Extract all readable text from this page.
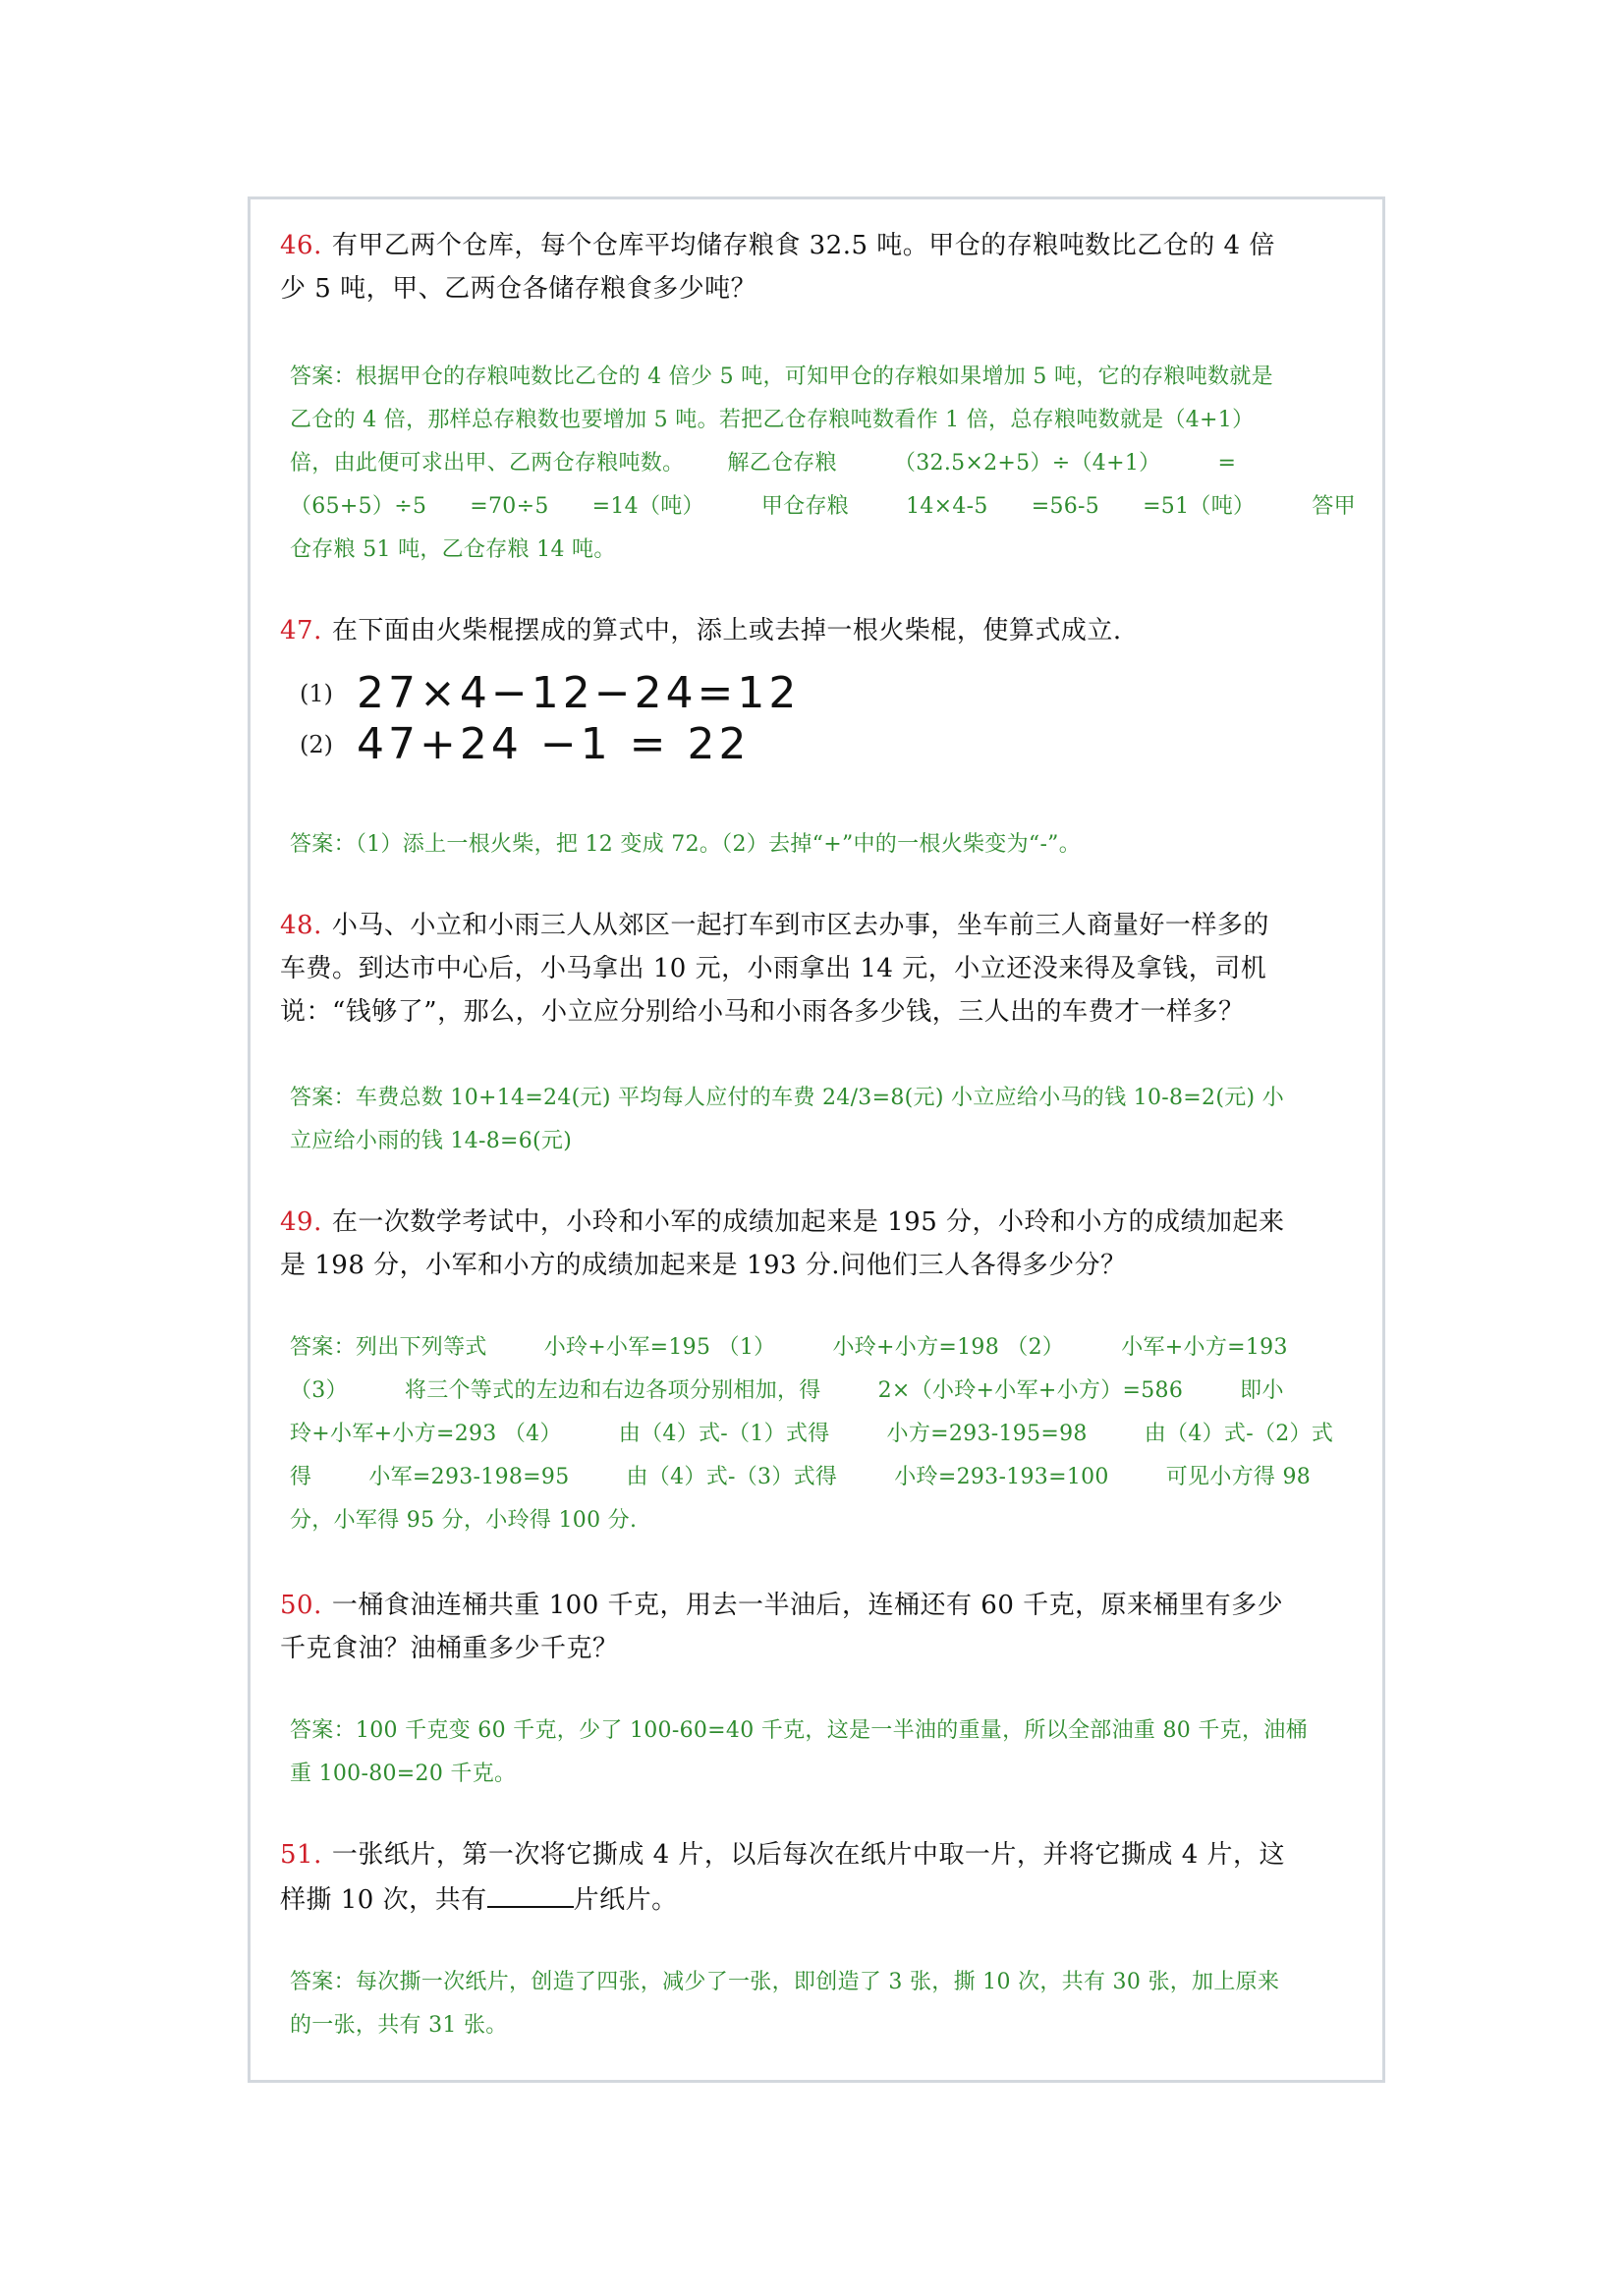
46. 有甲乙两个仓库，每个仓库平均储存粮食 32.5 吨。甲仓的存粮吨数比乙仓的 4 倍
少 5 吨，甲、乙两仓各储存粮食多少吨？
答案：根据甲仓的存粮吨数比乙仓的 4 倍少 5 吨，可知甲仓的存粮如果增加 5 吨，它的存粮吨数就是
乙仓的 4 倍，那样总存粮数也要增加 5 吨。若把乙仓存粮吨数看作 1 倍，总存粮吨数就是（4+1）
倍，由此便可求出甲、乙两仓存粮吨数。 解乙仓存粮	（32.5×2+5）÷（4+1）	=
（65+5）÷5 =70÷5 =14（吨）	甲仓存粮	14×4-5 =56-5 =51（吨）	答甲
仓存粮 51 吨，乙仓存粮 14 吨。
47. 在下面由火柴棍摆成的算式中，添上或去掉一根火柴棍，使算式成立.
(1) 27×4−12−24=12
(2) 47+24 −1 = 22
答案：（1）添上一根火柴，把 12 变成 72。（2）去掉“+”中的一根火柴变为“-”。
48. 小马、小立和小雨三人从郊区一起打车到市区去办事，坐车前三人商量好一样多的
车费。到达市中心后，小马拿出 10 元，小雨拿出 14 元，小立还没来得及拿钱，司机
说：“钱够了”，那么，小立应分别给小马和小雨各多少钱，三人出的车费才一样多？
答案：车费总数 10+14=24(元) 平均每人应付的车费 24/3=8(元) 小立应给小马的钱 10-8=2(元) 小
立应给小雨的钱 14-8=6(元)
49. 在一次数学考试中，小玲和小军的成绩加起来是 195 分，小玲和小方的成绩加起来
是 198 分，小军和小方的成绩加起来是 193 分.问他们三人各得多少分？
答案：列出下列等式	小玲+小军=195 （1）	小玲+小方=198 （2）	小军+小方=193
（3）	将三个等式的左边和右边各项分别相加，得	2×（小玲+小军+小方）=586	即小
玲+小军+小方=293 （4）	由（4）式-（1）式得	小方=293-195=98	由（4）式-（2）式
得	小军=293-198=95	由（4）式-（3）式得	小玲=293-193=100	可见小方得 98
分，小军得 95 分，小玲得 100 分.
50. 一桶食油连桶共重 100 千克，用去一半油后，连桶还有 60 千克，原来桶里有多少
千克食油？油桶重多少千克？
答案：100 千克变 60 千克，少了 100-60=40 千克，这是一半油的重量，所以全部油重 80 千克，油桶
重 100-80=20 千克。
51. 一张纸片，第一次将它撕成 4 片，以后每次在纸片中取一片，并将它撕成 4 片，这
样撕 10 次，共有	片纸片。
答案：每次撕一次纸片，创造了四张，减少了一张，即创造了 3 张，撕 10 次，共有 30 张，加上原来
的一张，共有 31 张。
